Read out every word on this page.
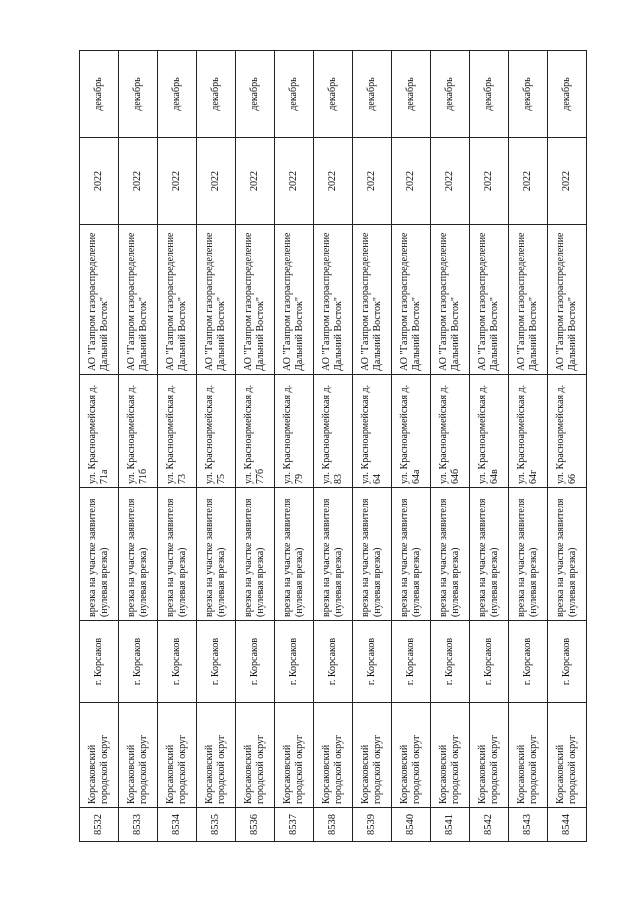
8532	Корсаковский городской округ	г. Корсаков	врезка на участке заявителя (нулевая врезка)	ул. Красноармейская д. 71а	АО "Газпром газораспределение Дальний Восток"	2022	декабрь
8533	Корсаковский городской округ	г. Корсаков	врезка на участке заявителя (нулевая врезка)	ул. Красноармейская д. 71б	АО "Газпром газораспределение Дальний Восток"	2022	декабрь
8534	Корсаковский городской округ	г. Корсаков	врезка на участке заявителя (нулевая врезка)	ул. Красноармейская д. 73	АО "Газпром газораспределение Дальний Восток"	2022	декабрь
8535	Корсаковский городской округ	г. Корсаков	врезка на участке заявителя (нулевая врезка)	ул. Красноармейская д. 75	АО "Газпром газораспределение Дальний Восток"	2022	декабрь
8536	Корсаковский городской округ	г. Корсаков	врезка на участке заявителя (нулевая врезка)	ул. Красноармейская д. 77б	АО "Газпром газораспределение Дальний Восток"	2022	декабрь
8537	Корсаковский городской округ	г. Корсаков	врезка на участке заявителя (нулевая врезка)	ул. Красноармейская д. 79	АО "Газпром газораспределение Дальний Восток"	2022	декабрь
8538	Корсаковский городской округ	г. Корсаков	врезка на участке заявителя (нулевая врезка)	ул. Красноармейская д. 83	АО "Газпром газораспределение Дальний Восток"	2022	декабрь
8539	Корсаковский городской округ	г. Корсаков	врезка на участке заявителя (нулевая врезка)	ул. Красноармейская д. 64	АО "Газпром газораспределение Дальний Восток"	2022	декабрь
8540	Корсаковский городской округ	г. Корсаков	врезка на участке заявителя (нулевая врезка)	ул. Красноармейская д. 64а	АО "Газпром газораспределение Дальний Восток"	2022	декабрь
8541	Корсаковский городской округ	г. Корсаков	врезка на участке заявителя (нулевая врезка)	ул. Красноармейская д. 64б	АО "Газпром газораспределение Дальний Восток"	2022	декабрь
8542	Корсаковский городской округ	г. Корсаков	врезка на участке заявителя (нулевая врезка)	ул. Красноармейская д. 64в	АО "Газпром газораспределение Дальний Восток"	2022	декабрь
8543	Корсаковский городской округ	г. Корсаков	врезка на участке заявителя (нулевая врезка)	ул. Красноармейская д. 64г	АО "Газпром газораспределение Дальний Восток"	2022	декабрь
8544	Корсаковский городской округ	г. Корсаков	врезка на участке заявителя (нулевая врезка)	ул. Красноармейская д. 66	АО "Газпром газораспределение Дальний Восток"	2022	декабрь
